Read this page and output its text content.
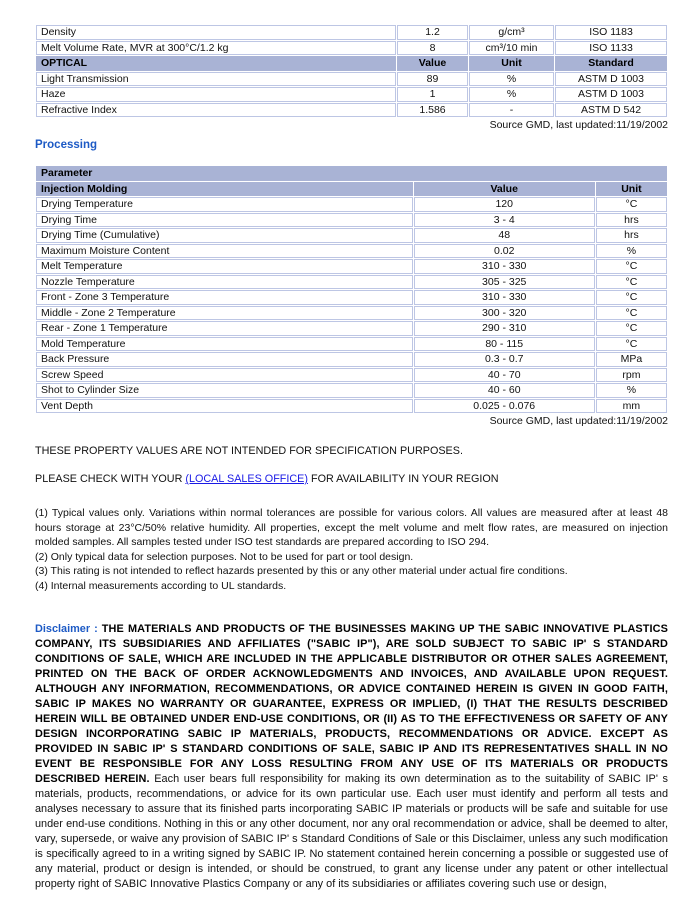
Density	1.2	g/cm³	ISO 1183
Melt Volume Rate, MVR at 300°C/1.2 kg	8	cm³/10 min	ISO 1133
OPTICAL	Value	Unit	Standard
Light Transmission	89	%	ASTM D 1003
Haze	1	%	ASTM D 1003
Refractive Index	1.586	-	ASTM D 542
Source GMD, last updated:11/19/2002
Processing
Parameter		
Injection Molding	Value	Unit
Drying Temperature	120	°C
Drying Time	3 - 4	hrs
Drying Time (Cumulative)	48	hrs
Maximum Moisture Content	0.02	%
Melt Temperature	310 - 330	°C
Nozzle Temperature	305 - 325	°C
Front - Zone 3 Temperature	310 - 330	°C
Middle - Zone 2 Temperature	300 - 320	°C
Rear - Zone 1 Temperature	290 - 310	°C
Mold Temperature	80 - 115	°C
Back Pressure	0.3 - 0.7	MPa
Screw Speed	40 - 70	rpm
Shot to Cylinder Size	40 - 60	%
Vent Depth	0.025 - 0.076	mm
Source GMD, last updated:11/19/2002

THESE PROPERTY VALUES ARE NOT INTENDED FOR SPECIFICATION PURPOSES.

PLEASE CHECK WITH YOUR (LOCAL SALES OFFICE) FOR AVAILABILITY IN YOUR REGION

(1) Typical values only. Variations within normal tolerances are possible for various colors. All values are measured after at least 48 hours storage at 23°C/50% relative humidity. All properties, except the melt volume and melt flow rates, are measured on injection molded samples. All samples tested under ISO test standards are prepared according to ISO 294.
(2) Only typical data for selection purposes. Not to be used for part or tool design.
(3) This rating is not intended to reflect hazards presented by this or any other material under actual fire conditions.
(4) Internal measurements according to UL standards.

Disclaimer : THE MATERIALS AND PRODUCTS OF THE BUSINESSES MAKING UP THE SABIC INNOVATIVE PLASTICS COMPANY, ITS SUBSIDIARIES AND AFFILIATES ("SABIC IP"), ARE SOLD SUBJECT TO SABIC IP' S STANDARD CONDITIONS OF SALE, WHICH ARE INCLUDED IN THE APPLICABLE DISTRIBUTOR OR OTHER SALES AGREEMENT, PRINTED ON THE BACK OF ORDER ACKNOWLEDGMENTS AND INVOICES, AND AVAILABLE UPON REQUEST. ALTHOUGH ANY INFORMATION, RECOMMENDATIONS, OR ADVICE CONTAINED HEREIN IS GIVEN IN GOOD FAITH, SABIC IP MAKES NO WARRANTY OR GUARANTEE, EXPRESS OR IMPLIED, (I) THAT THE RESULTS DESCRIBED HEREIN WILL BE OBTAINED UNDER END-USE CONDITIONS, OR (II) AS TO THE EFFECTIVENESS OR SAFETY OF ANY DESIGN INCORPORATING SABIC IP MATERIALS, PRODUCTS, RECOMMENDATIONS OR ADVICE. EXCEPT AS PROVIDED IN SABIC IP' S STANDARD CONDITIONS OF SALE, SABIC IP AND ITS REPRESENTATIVES SHALL IN NO EVENT BE RESPONSIBLE FOR ANY LOSS RESULTING FROM ANY USE OF ITS MATERIALS OR PRODUCTS DESCRIBED HEREIN. Each user bears full responsibility for making its own determination as to the suitability of SABIC IP' s materials, products, recommendations, or advice for its own particular use. Each user must identify and perform all tests and analyses necessary to assure that its finished parts incorporating SABIC IP materials or products will be safe and suitable for use under end-use conditions. Nothing in this or any other document, nor any oral recommendation or advice, shall be deemed to alter, vary, supersede, or waive any provision of SABIC IP' s Standard Conditions of Sale or this Disclaimer, unless any such modification is specifically agreed to in a writing signed by SABIC IP. No statement contained herein concerning a possible or suggested use of any material, product or design is intended, or should be construed, to grant any license under any patent or other intellectual property right of SABIC Innovative Plastics Company or any of its subsidiaries or affiliates covering such use or design,
